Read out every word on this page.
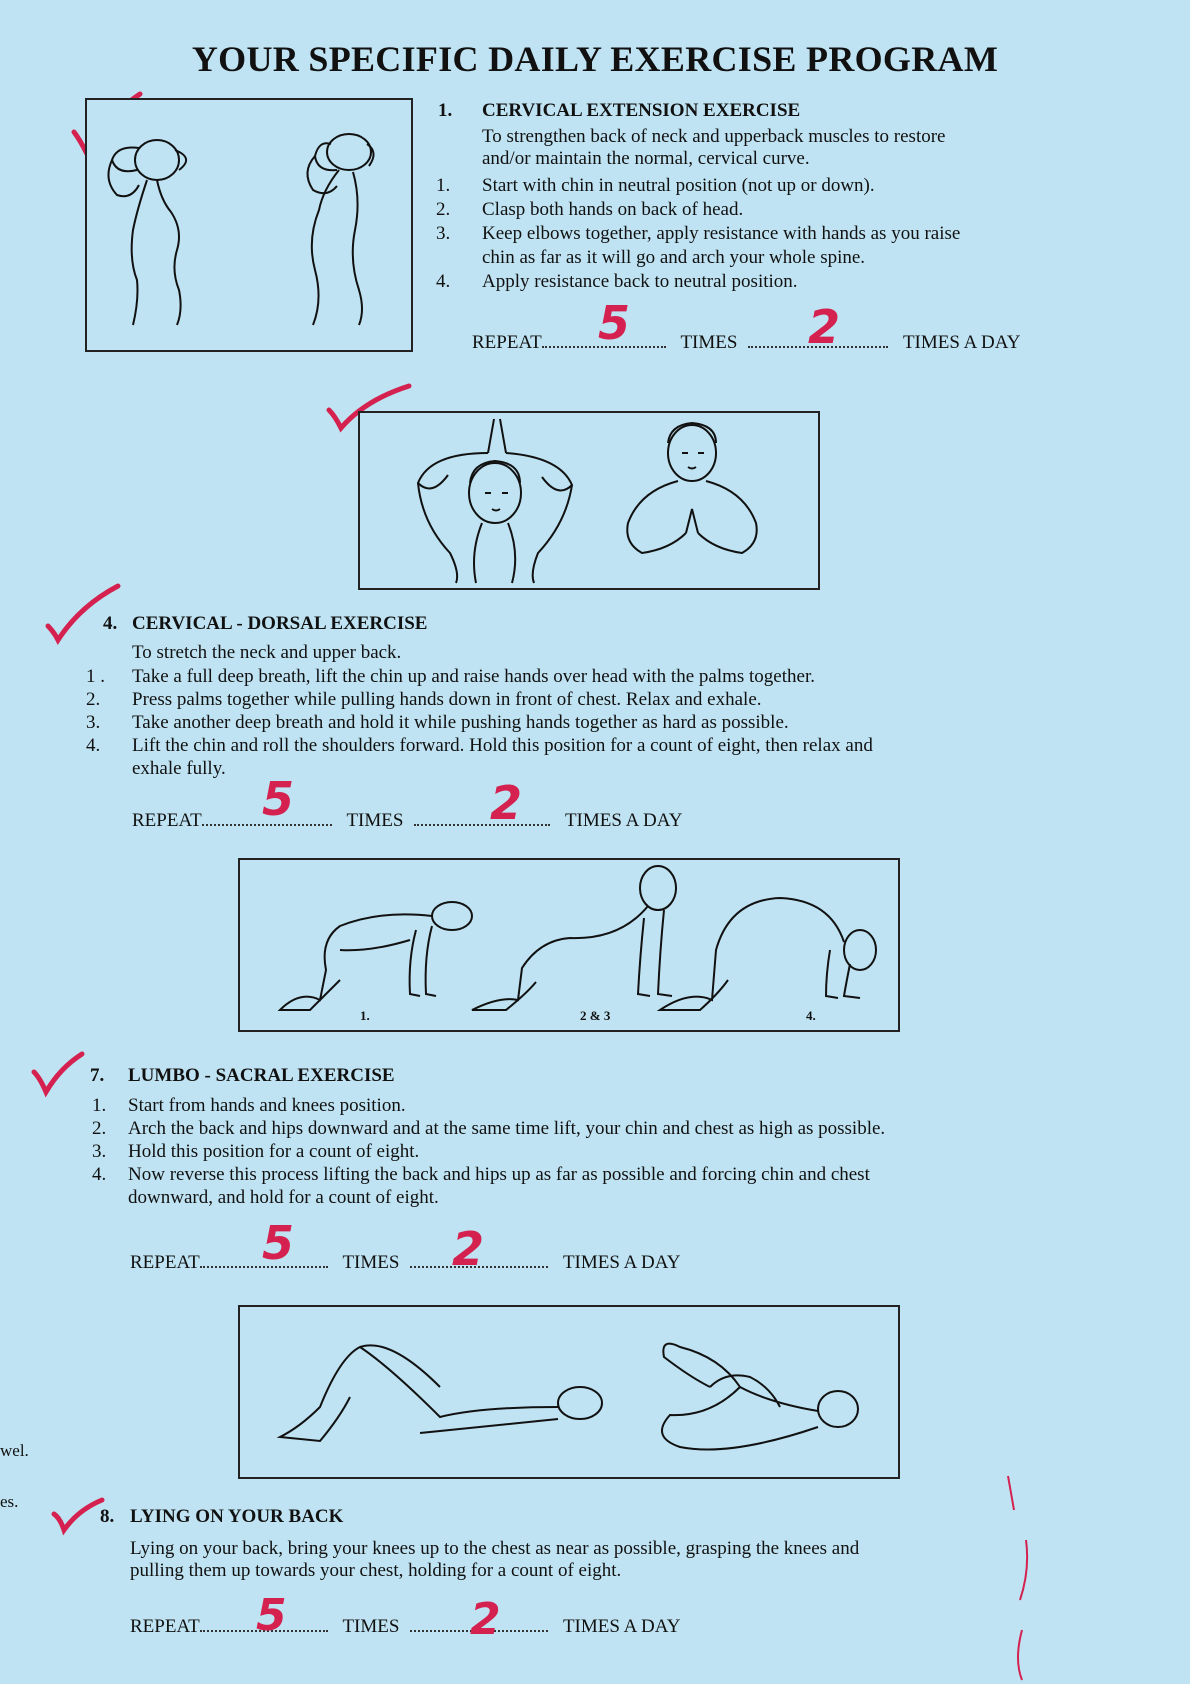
YOUR SPECIFIC DAILY EXERCISE PROGRAM
1. CERVICAL EXTENSION EXERCISE
To strengthen back of neck and upperback muscles to restore
and/or maintain the normal, cervical curve.
1. Start with chin in neutral position (not up or down).
2. Clasp both hands on back of head.
3. Keep elbows together, apply resistance with hands as you raise
chin as far as it will go and arch your whole spine.
4. Apply resistance back to neutral position.
REPEAT	TIMES	TIMES A DAY
5	2
4. CERVICAL - DORSAL EXERCISE
To stretch the neck and upper back.
1 . Take a full deep breath, lift the chin up and raise hands over head with the palms together.
2. Press palms together while pulling hands down in front of chest. Relax and exhale.
3. Take another deep breath and hold it while pushing hands together as hard as possible.
4. Lift the chin and roll the shoulders forward. Hold this position for a count of eight, then relax and
exhale fully.
REPEAT	TIMES	TIMES A DAY
5	2
1.	2 & 3	4.
7. LUMBO - SACRAL EXERCISE
1. Start from hands and knees position.
2. Arch the back and hips downward and at the same time lift, your chin and chest as high as possible.
3. Hold this position for a count of eight.
4. Now reverse this process lifting the back and hips up as far as possible and forcing chin and chest
downward, and hold for a count of eight.
REPEAT	TIMES	TIMES A DAY
5	2
8. LYING ON YOUR BACK
Lying on your back, bring your knees up to the chest as near as possible, grasping the knees and
pulling them up towards your chest, holding for a count of eight.
REPEAT	TIMES	TIMES A DAY
5	2
wel.
es.
